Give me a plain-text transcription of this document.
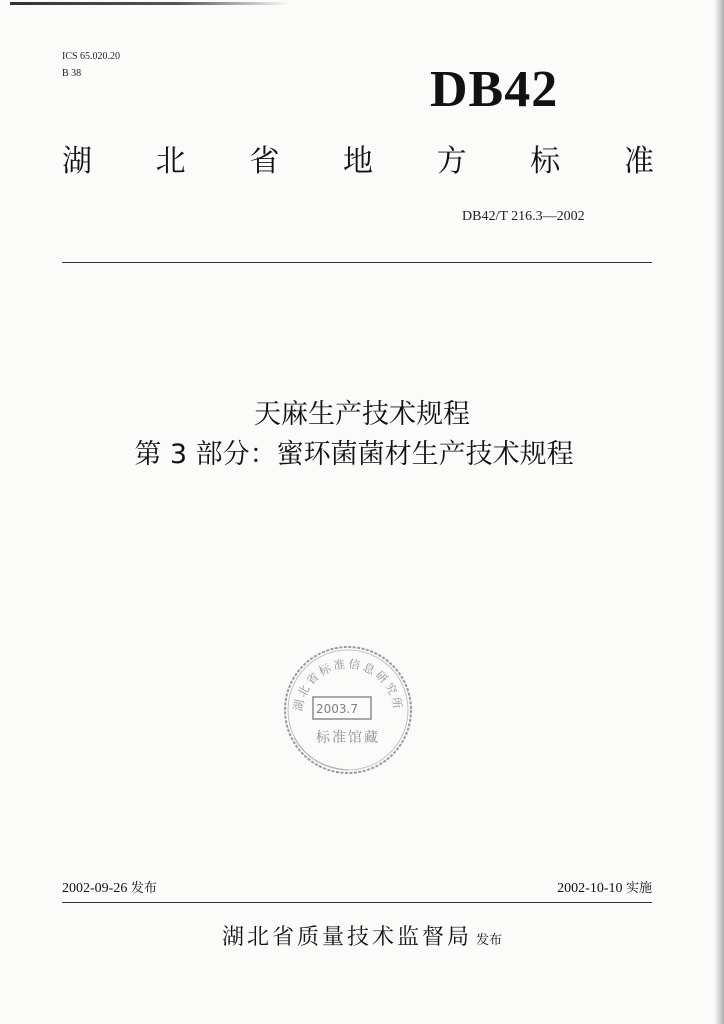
ICS 65.020.20
B 38	DB42
湖 北 省 地 方 标 准
DB42/T 216.3—2002
天麻生产技术规程
第 3 部分：蜜环菌菌材生产技术规程
湖北省标准信息研究所
2003.7
标准馆藏
2002-09-26 发布	2002-10-10 实施
湖北省质量技术监督局 发布
